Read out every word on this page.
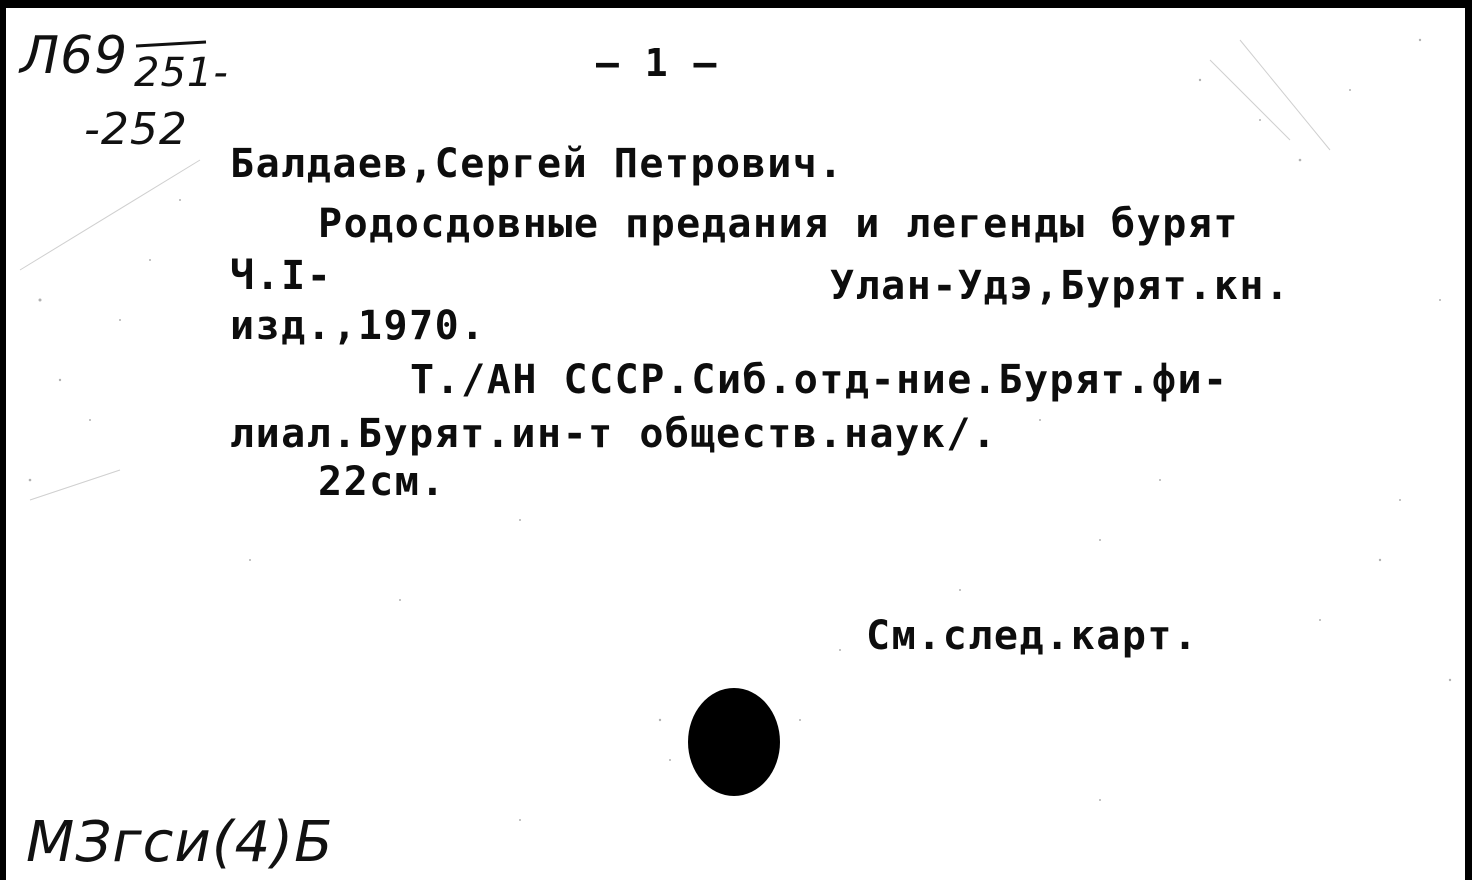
Л69 251-
-252
— 1 —
Балдаев,Сергей Петрович.
Родосдовные предания и легенды бурят
Ч.I-	Улан-Удэ,Бурят.кн.
изд.,1970.
Т./АН СССР.Сиб.отд-ние.Бурят.фи-
лиал.Бурят.ин-т обществ.наук/.
22см.
См.след.карт.
МЗгси(4)Б
